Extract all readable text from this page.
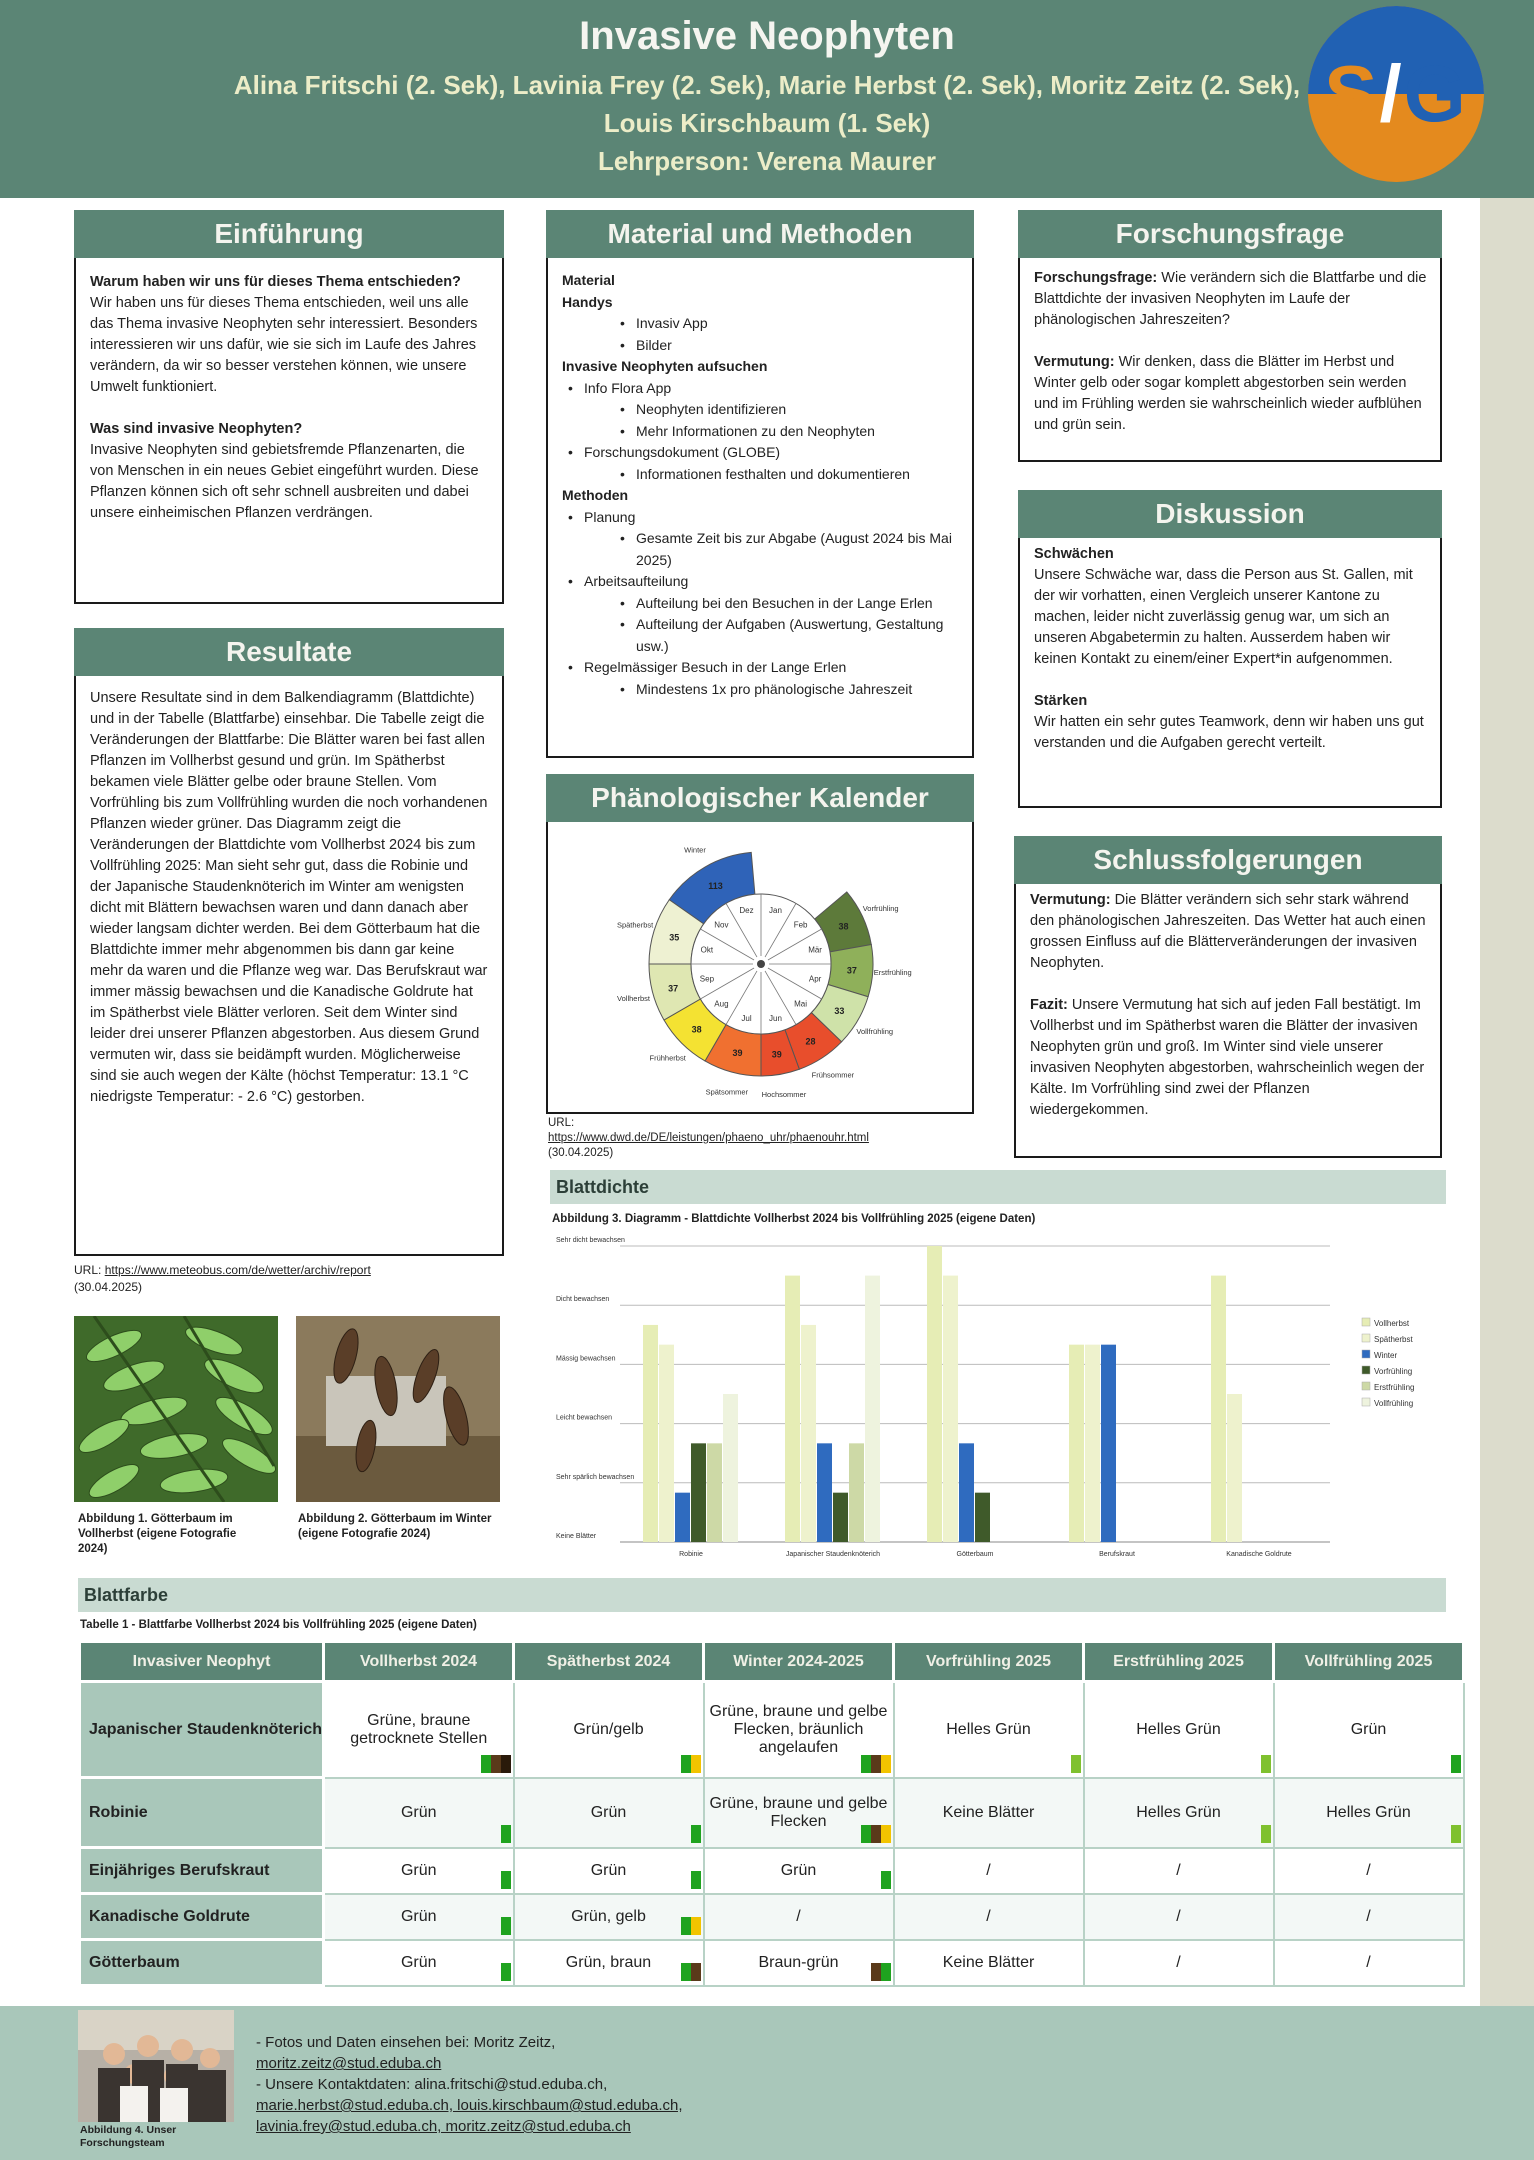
Invasive Neophyten
Alina Fritschi (2. Sek), Lavinia Frey (2. Sek), Marie Herbst (2. Sek), Moritz Zeitz (2. Sek),
Louis Kirschbaum (1. Sek)
Lehrperson: Verena Maurer
S/G
Einführung
Warum haben wir uns für dieses Thema entschieden?
Wir haben uns für dieses Thema entschieden, weil uns alle das Thema invasive Neophyten sehr interessiert. Besonders interessieren wir uns dafür, wie sie sich im Laufe des Jahres verändern, da wir so besser verstehen können, wie unsere Umwelt funktioniert.
Was sind invasive Neophyten?
Invasive Neophyten sind gebietsfremde Pflanzenarten, die von Menschen in ein neues Gebiet eingeführt wurden. Diese Pflanzen können sich oft sehr schnell ausbreiten und dabei unsere einheimischen Pflanzen verdrängen.
Resultate
Unsere Resultate sind in dem Balkendiagramm (Blattdichte) und in der Tabelle (Blattfarbe) einsehbar. Die Tabelle zeigt die Veränderungen der Blattfarbe: Die Blätter waren bei fast allen Pflanzen im Vollherbst gesund und grün. Im Spätherbst bekamen viele Blätter gelbe oder braune Stellen. Vom Vorfrühling bis zum Vollfrühling wurden die noch vorhandenen Pflanzen wieder grüner. Das Diagramm zeigt die Veränderungen der Blattdichte vom Vollherbst 2024 bis zum Vollfrühling 2025: Man sieht sehr gut, dass die Robinie und der Japanische Staudenknöterich im Winter am wenigsten dicht mit Blättern bewachsen waren und dann danach aber wieder langsam dichter werden. Bei dem Götterbaum hat die Blattdichte immer mehr abgenommen bis dann gar keine mehr da waren und die Pflanze weg war. Das Berufskraut war immer mässig bewachsen und die Kanadische Goldrute hat im Spätherbst viele Blätter verloren. Seit dem Winter sind leider drei unserer Pflanzen abgestorben. Aus diesem Grund vermuten wir, dass sie beidämpft wurden. Möglicherweise sind sie auch wegen der Kälte (höchst Temperatur: 13.1 °C niedrigste Temperatur: - 2.6 °C) gestorben.
URL: https://www.meteobus.com/de/wetter/archiv/report
(30.04.2025)
Abbildung 1. Götterbaum im Vollherbst (eigene Fotografie 2024)
Abbildung 2. Götterbaum im Winter (eigene Fotografie 2024)
Material und Methoden
Material
Handys
• Invasiv App
• Bilder
Invasive Neophyten aufsuchen
• Info Flora App
• Neophyten identifizieren
• Mehr Informationen zu den Neophyten
• Forschungsdokument (GLOBE)
• Informationen festhalten und dokumentieren
Methoden
• Planung
• Gesamte Zeit bis zur Abgabe (August 2024 bis Mai 2025)
• Arbeitsaufteilung
• Aufteilung bei den Besuchen in der Lange Erlen
• Aufteilung der Aufgaben (Auswertung, Gestaltung usw.)
• Regelmässiger Besuch in der Lange Erlen
• Mindestens 1x pro phänologische Jahreszeit
Phänologischer Kalender
113
Winter
38
Vorfrühling
37 Erstfrühling
33
Vollfrühling
28
Frühsommer
39
Hochsommer
39
Spätsommer
38
Frühherbst
37
Vollherbst
35
Spätherbst
Jan
Feb
Mär
Apr
Mai
Jun
Jul
Aug
Sep
Okt
Nov
Dez
URL:
https://www.dwd.de/DE/leistungen/phaeno_uhr/phaenouhr.html
(30.04.2025)
Forschungsfrage
Forschungsfrage: Wie verändern sich die Blattfarbe und die Blattdichte der invasiven Neophyten im Laufe der phänologischen Jahreszeiten?
Vermutung: Wir denken, dass die Blätter im Herbst und Winter gelb oder sogar komplett abgestorben sein werden und im Frühling werden sie wahrscheinlich wieder aufblühen und grün sein.
Diskussion
Schwächen
Unsere Schwäche war, dass die Person aus St. Gallen, mit der wir vorhatten, einen Vergleich unserer Kantone zu machen, leider nicht zuverlässig genug war, um sich an unseren Abgabetermin zu halten. Ausserdem haben wir keinen Kontakt zu einem/einer Expert*in aufgenommen.
Stärken
Wir hatten ein sehr gutes Teamwork, denn wir haben uns gut verstanden und die Aufgaben gerecht verteilt.
Schlussfolgerungen
Vermutung: Die Blätter verändern sich sehr stark während den phänologischen Jahreszeiten. Das Wetter hat auch einen grossen Einfluss auf die Blätterveränderungen der invasiven Neophyten.
Fazit: Unsere Vermutung hat sich auf jeden Fall bestätigt. Im Vollherbst und im Spätherbst waren die Blätter der invasiven Neophyten grün und groß. Im Winter sind viele unserer invasiven Neophyten abgestorben, wahrscheinlich wegen der Kälte. Im Vorfrühling sind zwei der Pflanzen wiedergekommen.
Blattdichte
Abbildung 3. Diagramm - Blattdichte Vollherbst 2024 bis Vollfrühling 2025 (eigene Daten)
Keine Blätter
Sehr spärlich bewachsen
Leicht bewachsen
Mässig bewachsen
Dicht bewachsen
Sehr dicht bewachsen
Robinie	Japanischer Staudenknöterich	Götterbaum	Berufskraut	Kanadische Goldrute
Vollherbst
Spätherbst
Winter
Vorfrühling
Erstfrühling
Vollfrühling
Blattfarbe
Tabelle 1 - Blattfarbe Vollherbst 2024 bis Vollfrühling 2025 (eigene Daten)
Invasiver Neophyt	Vollherbst 2024	Spätherbst 2024	Winter 2024-2025	Vorfrühling 2025	Erstfrühling 2025	Vollfrühling 2025
Japanischer Staudenknöterich	Grüne, braune getrocknete Stellen	Grün/gelb	Grüne, braune und gelbe Flecken, bräunlich angelaufen	Helles Grün	Helles Grün	Grün

Robinie	Grün	Grün	Grüne, braune und gelbe Flecken	Keine Blätter	Helles Grün	Helles Grün

Einjähriges Berufskraut	Grün	Grün	Grün	/	/	/
Kanadische Goldrute	Grün	Grün, gelb	/	/	/	/
Götterbaum	Grün	Grün, braun	Braun-grün	Keine Blätter	/	/
Abbildung 4. Unser Forschungsteam
- Fotos und Daten einsehen bei: Moritz Zeitz,
moritz.zeitz@stud.eduba.ch
- Unsere Kontaktdaten: alina.fritschi@stud.eduba.ch,
marie.herbst@stud.eduba.ch, louis.kirschbaum@stud.eduba.ch,
lavinia.frey@stud.eduba.ch, moritz.zeitz@stud.eduba.ch
